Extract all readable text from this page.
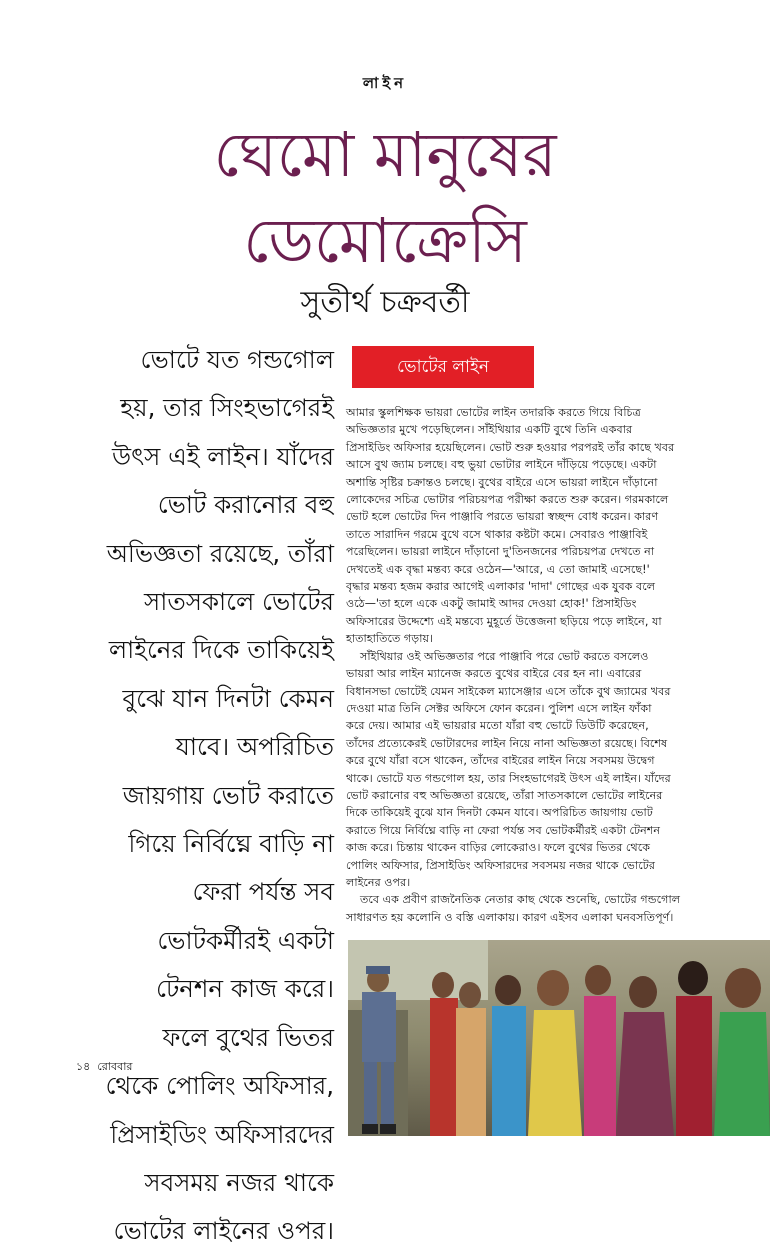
লাইন
ঘেমো মানুষের
ডেমোক্রেসি
সুতীর্থ চক্রবর্তী
ভোটে যত গন্ডগোল
হয়, তার সিংহভাগেরই
উৎস এই লাইন। যাঁদের
ভোট করানোর বহু
অভিজ্ঞতা রয়েছে, তাঁরা
সাতসকালে ভোটের
লাইনের দিকে তাকিয়েই
বুঝে যান দিনটা কেমন
যাবে। অপরিচিত
জায়গায় ভোট করাতে
গিয়ে নির্বিঘ্নে বাড়ি না
ফেরা পর্যন্ত সব
ভোটকর্মীরই একটা
টেনশন কাজ করে।
ফলে বুথের ভিতর
থেকে পোলিং অফিসার,
প্রিসাইডিং অফিসারদের
সবসময় নজর থাকে
ভোটের লাইনের ওপর।
ভোটের লাইন
আমার স্কুলশিক্ষক ভায়রা ভোটের লাইন তদারকি করতে গিয়ে বিচিত্র
অভিজ্ঞতার মুখে পড়েছিলেন। সাঁইথিয়ার একটি বুথে তিনি একবার
প্রিসাইডিং অফিসার হয়েছিলেন। ভোট শুরু হওয়ার পরপরই তাঁর কাছে খবর
আসে বুথ জ্যাম চলছে। বহু ভুয়া ভোটার লাইনে দাঁড়িয়ে পড়েছে। একটা
অশান্তি সৃষ্টির চক্রান্তও চলছে। বুথের বাইরে এসে ভায়রা লাইনে দাঁড়ানো
লোকেদের সচিত্র ভোটার পরিচয়পত্র পরীক্ষা করতে শুরু করেন। গরমকালে
ভোট হলে ভোটের দিন পাঞ্জাবি পরতে ভায়রা স্বচ্ছন্দ বোধ করেন। কারণ
তাতে সারাদিন গরমে বুথে বসে থাকার কষ্টটা কমে। সেবারও পাঞ্জাবিই
পরেছিলেন। ভায়রা লাইনে দাঁড়ানো দু'তিনজনের পরিচয়পত্র দেখতে না
দেখতেই এক বৃদ্ধা মন্তব্য করে ওঠেন—'আরে, এ তো জামাই এসেছে!'
বৃদ্ধার মন্তব্য হজম করার আগেই এলাকার 'দাদা' গোছের এক যুবক বলে
ওঠে—'তা হলে একে একটু জামাই আদর দেওয়া হোক!' প্রিসাইডিং
অফিসারের উদ্দেশ্যে এই মন্তব্যে মুহূর্তে উত্তেজনা ছড়িয়ে পড়ে লাইনে, যা
হাতাহাতিতে গড়ায়।
সাঁইথিয়ার ওই অভিজ্ঞতার পরে পাঞ্জাবি পরে ভোট করতে বসলেও
ভায়রা আর লাইন ম্যানেজ করতে বুথের বাইরে বের হন না। এবারের
বিধানসভা ভোটেই যেমন সাইকেল ম্যাসেঞ্জার এসে তাঁকে বুথ জ্যামের খবর
দেওয়া মাত্র তিনি সেক্টর অফিসে ফোন করেন। পুলিশ এসে লাইন ফাঁকা
করে দেয়। আমার এই ভায়রার মতো যাঁরা বহু ভোটে ডিউটি করেছেন,
তাঁদের প্রত্যেকেরই ভোটারদের লাইন নিয়ে নানা অভিজ্ঞতা রয়েছে। বিশেষ
করে বুথে যাঁরা বসে থাকেন, তাঁদের বাইরের লাইন নিয়ে সবসময় উদ্বেগ
থাকে। ভোটে যত গন্ডগোল হয়, তার সিংহভাগেরই উৎস এই লাইন। যাঁদের
ভোট করানোর বহু অভিজ্ঞতা রয়েছে, তাঁরা সাতসকালে ভোটের লাইনের
দিকে তাকিয়েই বুঝে যান দিনটা কেমন যাবে। অপরিচিত জায়গায় ভোট
করাতে গিয়ে নির্বিঘ্নে বাড়ি না ফেরা পর্যন্ত সব ভোটকর্মীরই একটা টেনশন
কাজ করে। চিন্তায় থাকেন বাড়ির লোকেরাও। ফলে বুথের ভিতর থেকে
পোলিং অফিসার, প্রিসাইডিং অফিসারদের সবসময় নজর থাকে ভোটের
লাইনের ওপর।
তবে এক প্রবীণ রাজনৈতিক নেতার কাছ থেকে শুনেছি, ভোটের গন্ডগোল
সাধারণত হয় কলোনি ও বস্তি এলাকায়। কারণ এইসব এলাকা ঘনবসতিপূর্ণ।
১৪ রোববার
